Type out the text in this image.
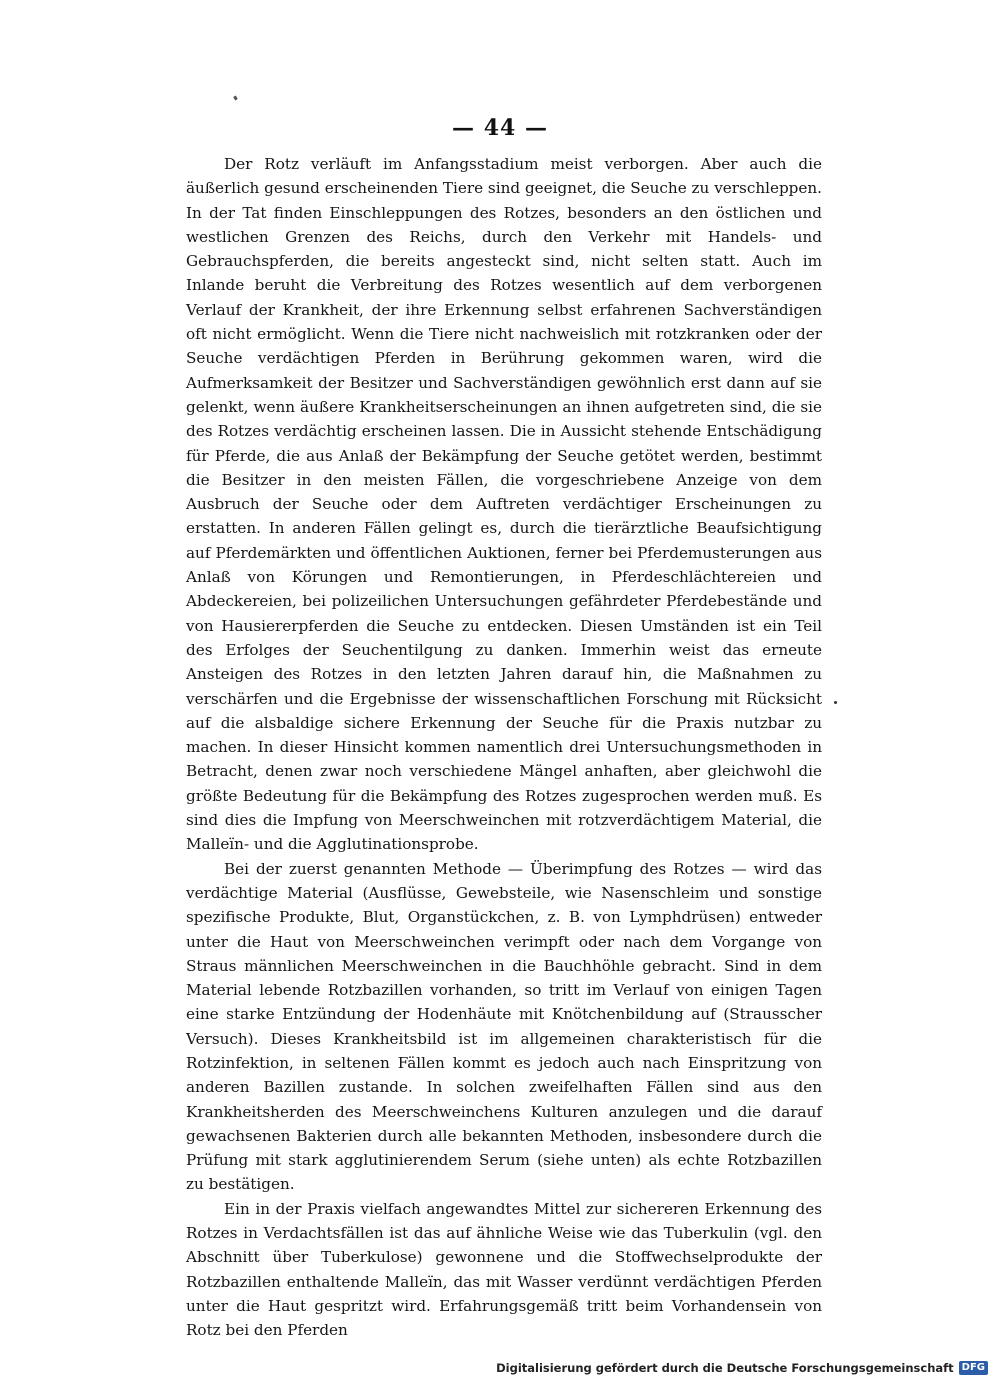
— 44 —

Der Rotz verläuft im Anfangsstadium meist verborgen. Aber auch die äußerlich gesund erscheinenden Tiere sind geeignet, die Seuche zu verschleppen. In der Tat finden Einschleppungen des Rotzes, besonders an den östlichen und westlichen Grenzen des Reichs, durch den Verkehr mit Handels- und Gebrauchspferden, die bereits angesteckt sind, nicht selten statt. Auch im Inlande beruht die Verbreitung des Rotzes wesentlich auf dem verborgenen Verlauf der Krankheit, der ihre Erkennung selbst erfahrenen Sachverständigen oft nicht ermöglicht. Wenn die Tiere nicht nachweislich mit rotzkranken oder der Seuche verdächtigen Pferden in Berührung gekommen waren, wird die Aufmerksamkeit der Besitzer und Sachverständigen gewöhnlich erst dann auf sie gelenkt, wenn äußere Krankheitserscheinungen an ihnen aufgetreten sind, die sie des Rotzes verdächtig erscheinen lassen. Die in Aussicht stehende Entschädigung für Pferde, die aus Anlaß der Bekämpfung der Seuche getötet werden, bestimmt die Besitzer in den meisten Fällen, die vorgeschriebene Anzeige von dem Ausbruch der Seuche oder dem Auftreten verdächtiger Erscheinungen zu erstatten. In anderen Fällen gelingt es, durch die tierärztliche Beaufsichtigung auf Pferdemärkten und öffentlichen Auktionen, ferner bei Pferdemusterungen aus Anlaß von Körungen und Remontierungen, in Pferdeschlächtereien und Abdeckereien, bei polizeilichen Untersuchungen gefährdeter Pferdebestände und von Hausiererpferden die Seuche zu entdecken. Diesen Umständen ist ein Teil des Erfolges der Seuchentilgung zu danken. Immerhin weist das erneute Ansteigen des Rotzes in den letzten Jahren darauf hin, die Maßnahmen zu verschärfen und die Ergebnisse der wissenschaftlichen Forschung mit Rücksicht auf die alsbaldige sichere Erkennung der Seuche für die Praxis nutzbar zu machen. In dieser Hinsicht kommen namentlich drei Untersuchungsmethoden in Betracht, denen zwar noch verschiedene Mängel anhaften, aber gleichwohl die größte Bedeutung für die Bekämpfung des Rotzes zugesprochen werden muß. Es sind dies die Impfung von Meerschweinchen mit rotzverdächtigem Material, die Malleïn- und die Agglutinationsprobe.

Bei der zuerst genannten Methode — Überimpfung des Rotzes — wird das verdächtige Material (Ausflüsse, Gewebsteile, wie Nasenschleim und sonstige spezifische Produkte, Blut, Organstückchen, z. B. von Lymphdrüsen) entweder unter die Haut von Meerschweinchen verimpft oder nach dem Vorgange von Straus männlichen Meerschweinchen in die Bauchhöhle gebracht. Sind in dem Material lebende Rotzbazillen vorhanden, so tritt im Verlauf von einigen Tagen eine starke Entzündung der Hodenhäute mit Knötchenbildung auf (Strausscher Versuch). Dieses Krankheitsbild ist im allgemeinen charakteristisch für die Rotzinfektion, in seltenen Fällen kommt es jedoch auch nach Einspritzung von anderen Bazillen zustande. In solchen zweifelhaften Fällen sind aus den Krankheitsherden des Meerschweinchens Kulturen anzulegen und die darauf gewachsenen Bakterien durch alle bekannten Methoden, insbesondere durch die Prüfung mit stark agglutinierendem Serum (siehe unten) als echte Rotzbazillen zu bestätigen.

Ein in der Praxis vielfach angewandtes Mittel zur sichereren Erkennung des Rotzes in Verdachtsfällen ist das auf ähnliche Weise wie das Tuberkulin (vgl. den Abschnitt über Tuberkulose) gewonnene und die Stoffwechselprodukte der Rotzbazillen enthaltende Malleïn, das mit Wasser verdünnt verdächtigen Pferden unter die Haut gespritzt wird. Erfahrungsgemäß tritt beim Vorhandensein von Rotz bei den Pferden

Digitalisierung gefördert durch die Deutsche Forschungsgemeinschaft DFG
